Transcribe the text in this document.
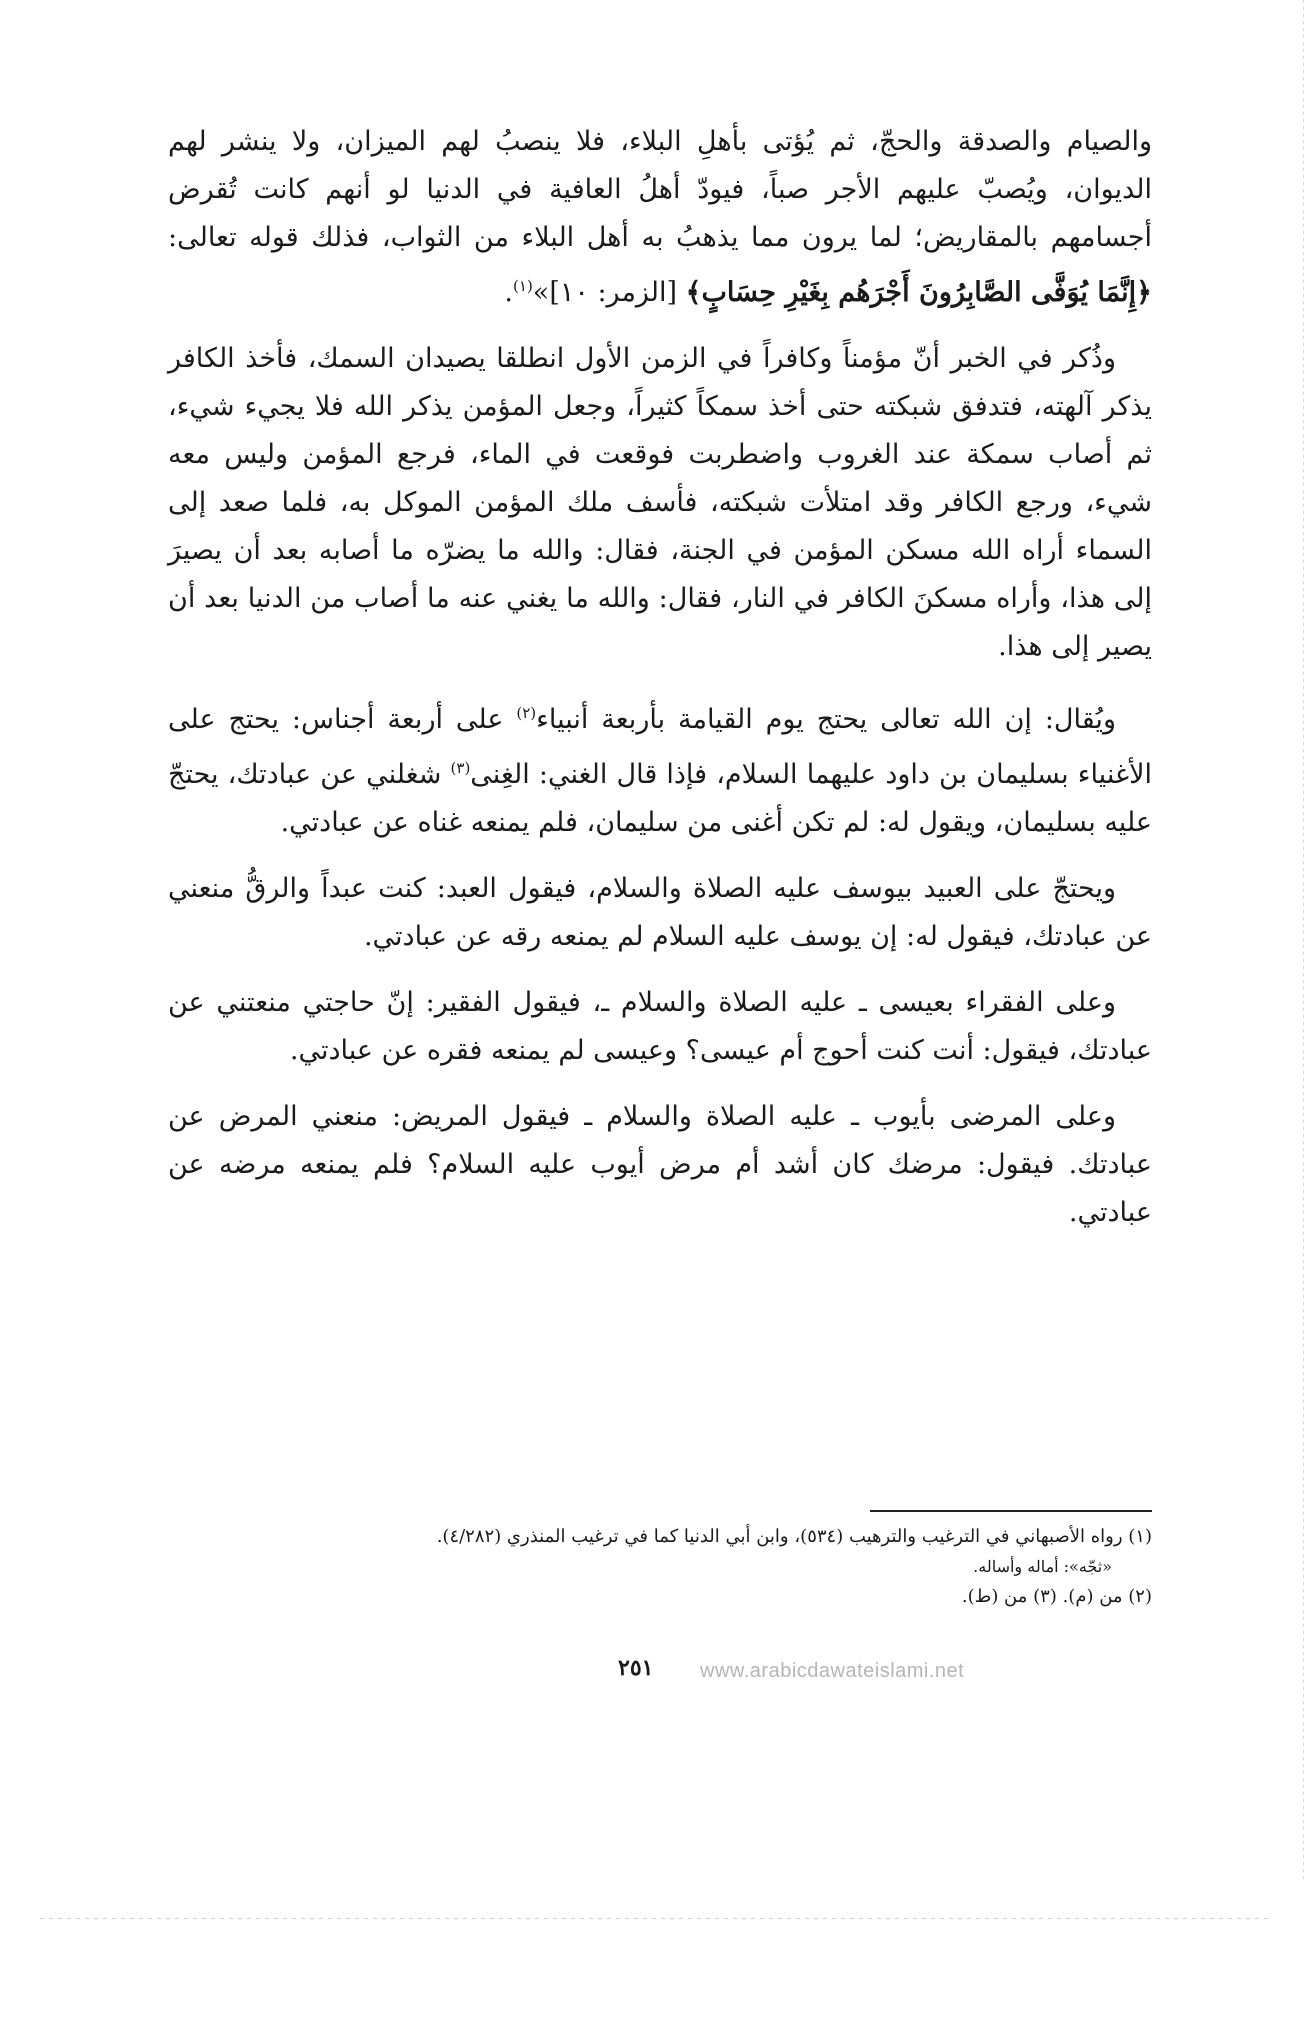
والصيام والصدقة والحجّ، ثم يُؤتى بأهلِ البلاء، فلا ينصبُ لهم الميزان، ولا ينشر لهم الديوان، ويُصبّ عليهم الأجر صباً، فيودّ أهلُ العافية في الدنيا لو أنهم كانت تُقرض أجسامهم بالمقاريض؛ لما يرون مما يذهبُ به أهل البلاء من الثواب، فذلك قوله تعالى: ﴿إِنَّمَا يُوَفَّى الصَّابِرُونَ أَجْرَهُم بِغَيْرِ حِسَابٍ﴾ [الزمر: ١٠]»$^{(١)}$.

وذُكر في الخبر أنّ مؤمناً وكافراً في الزمن الأول انطلقا يصيدان السمك، فأخذ الكافر يذكر آلهته، فتدفق شبكته حتى أخذ سمكاً كثيراً، وجعل المؤمن يذكر الله فلا يجيء شيء، ثم أصاب سمكة عند الغروب واضطربت فوقعت في الماء، فرجع المؤمن وليس معه شيء، ورجع الكافر وقد امتلأت شبكته، فأسف ملك المؤمن الموكل به، فلما صعد إلى السماء أراه الله مسكن المؤمن في الجنة، فقال: والله ما يضرّه ما أصابه بعد أن يصيرَ إلى هذا، وأراه مسكنَ الكافر في النار، فقال: والله ما يغني عنه ما أصاب من الدنيا بعد أن يصير إلى هذا.

ويُقال: إن الله تعالى يحتج يوم القيامة بأربعة أنبياء$^{(٢)}$ على أربعة أجناس: يحتج على الأغنياء بسليمان بن داود عليهما السلام، فإذا قال الغني: الغِنى$^{(٣)}$ شغلني عن عبادتك، يحتجّ عليه بسليمان، ويقول له: لم تكن أغنى من سليمان، فلم يمنعه غناه عن عبادتي.

ويحتجّ على العبيد بيوسف عليه الصلاة والسلام، فيقول العبد: كنت عبداً والرقُّ منعني عن عبادتك، فيقول له: إن يوسف عليه السلام لم يمنعه رقه عن عبادتي.

وعلى الفقراء بعيسى ـ عليه الصلاة والسلام ـ، فيقول الفقير: إنّ حاجتي منعتني عن عبادتك، فيقول: أنت كنت أحوج أم عيسى؟ وعيسى لم يمنعه فقره عن عبادتي.

وعلى المرضى بأيوب ـ عليه الصلاة والسلام ـ فيقول المريض: منعني المرض عن عبادتك. فيقول: مرضك كان أشد أم مرض أيوب عليه السلام؟ فلم يمنعه مرضه عن عبادتي.

(١) رواه الأصبهاني في الترغيب والترهيب (٥٣٤)، وابن أبي الدنيا كما في ترغيب المنذري (٤/٢٨٢).

«ثجّه»: أماله وأساله.

(٢) من (م). (٣) من (ط).

٢٥١ www.arabicdawateislami.net
